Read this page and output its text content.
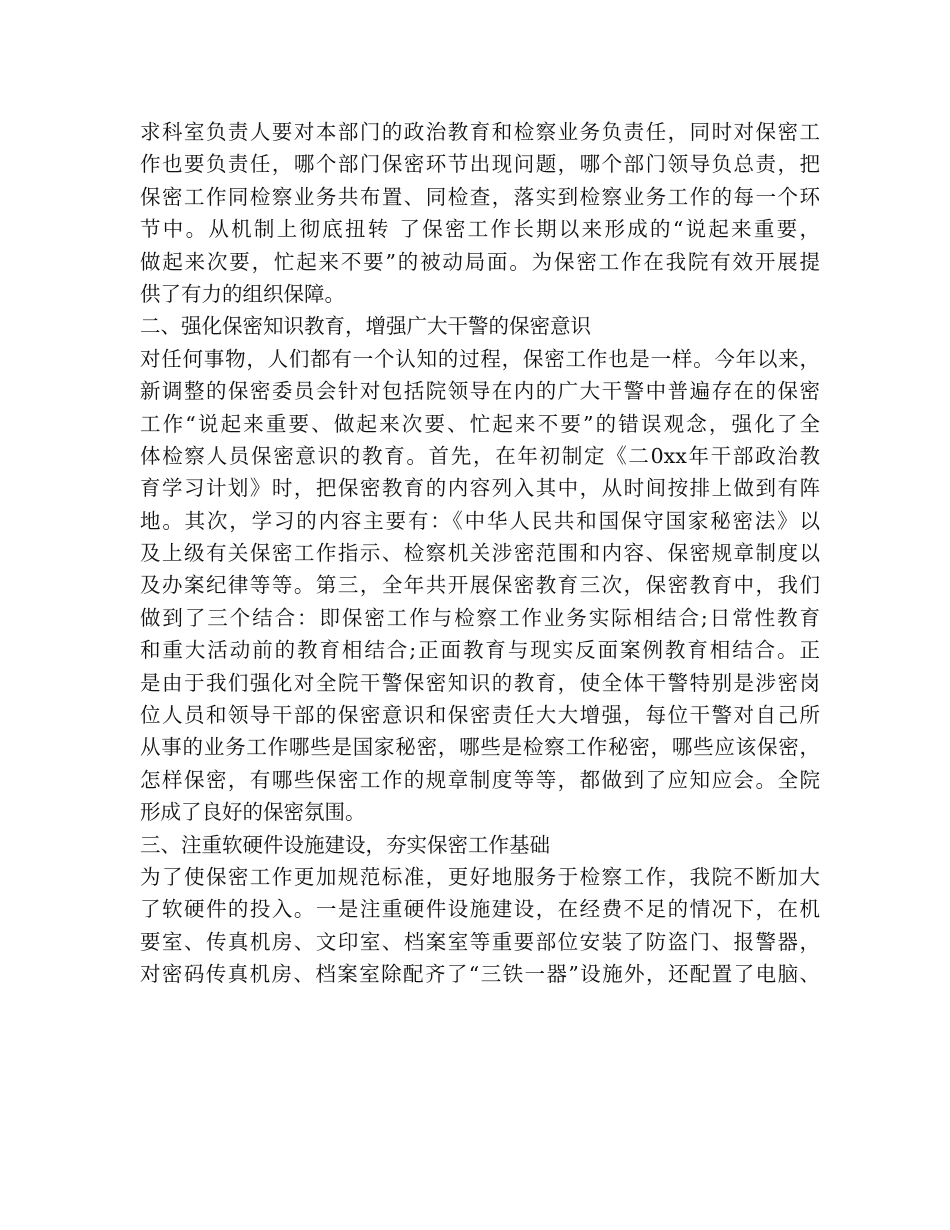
求科室负责人要对本部门的政治教育和检察业务负责任，同时对保密工
作也要负责任，哪个部门保密环节出现问题，哪个部门领导负总责，把
保密工作同检察业务共布置、同检查，落实到检察业务工作的每一个环
节中。从机制上彻底扭转 了保密工作长期以来形成的“说起来重要，
做起来次要，忙起来不要”的被动局面。为保密工作在我院有效开展提
供了有力的组织保障。
二、强化保密知识教育，增强广大干警的保密意识
对任何事物，人们都有一个认知的过程，保密工作也是一样。今年以来，
新调整的保密委员会针对包括院领导在内的广大干警中普遍存在的保密
工作“说起来重要、做起来次要、忙起来不要”的错误观念，强化了全
体检察人员保密意识的教育。首先，在年初制定《二0xx年干部政治教
育学习计划》时，把保密教育的内容列入其中，从时间按排上做到有阵
地。其次，学习的内容主要有：《中华人民共和国保守国家秘密法》以
及上级有关保密工作指示、检察机关涉密范围和内容、保密规章制度以
及办案纪律等等。第三，全年共开展保密教育三次，保密教育中，我们
做到了三个结合：即保密工作与检察工作业务实际相结合;日常性教育
和重大活动前的教育相结合;正面教育与现实反面案例教育相结合。正
是由于我们强化对全院干警保密知识的教育，使全体干警特别是涉密岗
位人员和领导干部的保密意识和保密责任大大增强，每位干警对自己所
从事的业务工作哪些是国家秘密，哪些是检察工作秘密，哪些应该保密，
怎样保密，有哪些保密工作的规章制度等等，都做到了应知应会。全院
形成了良好的保密氛围。
三、注重软硬件设施建设，夯实保密工作基础
为了使保密工作更加规范标准，更好地服务于检察工作，我院不断加大
了软硬件的投入。一是注重硬件设施建设，在经费不足的情况下，在机
要室、传真机房、文印室、档案室等重要部位安装了防盗门、报警器，
对密码传真机房、档案室除配齐了“三铁一器”设施外，还配置了电脑、
